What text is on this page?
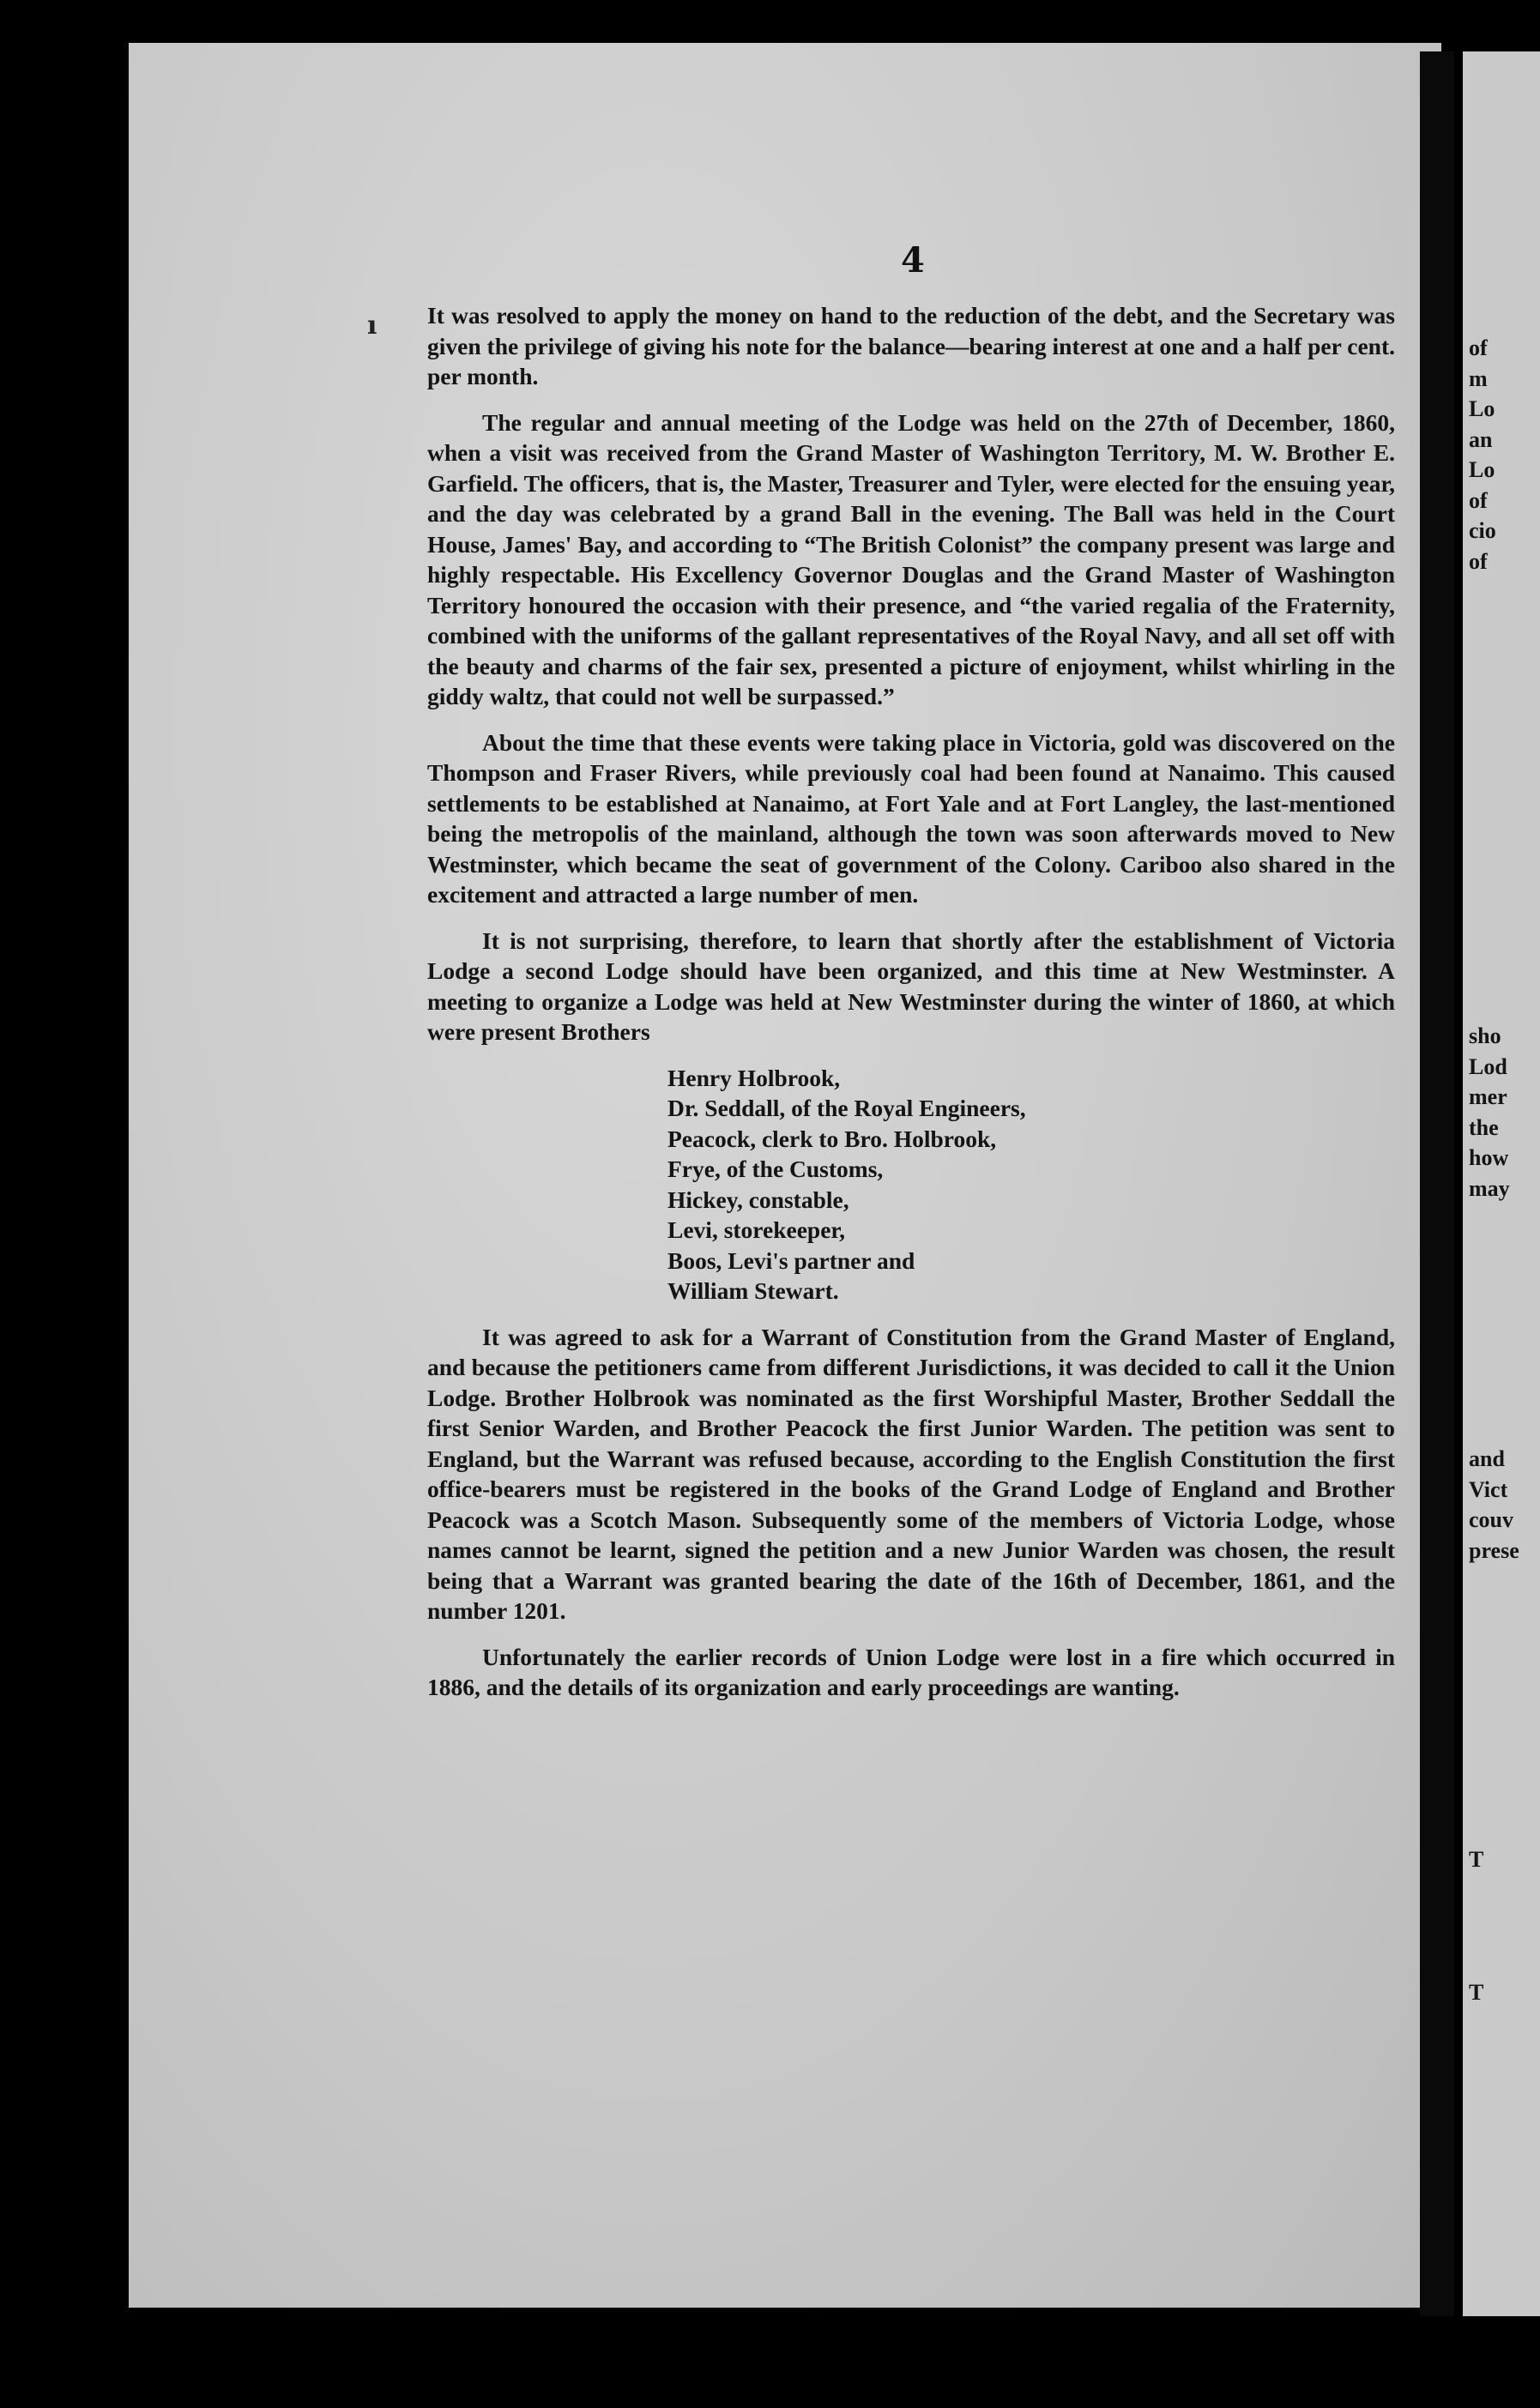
4
ı It was resolved to apply the money on hand to the reduction of the debt, and the Secretary was given the privilege of giving his note for the balance—bearing interest at one and a half per cent. per month.

The regular and annual meeting of the Lodge was held on the 27th of December, 1860, when a visit was received from the Grand Master of Washington Territory, M. W. Brother E. Garfield. The officers, that is, the Master, Treasurer and Tyler, were elected for the ensuing year, and the day was celebrated by a grand Ball in the evening. The Ball was held in the Court House, James' Bay, and according to “The British Colonist” the company present was large and highly respectable. His Excellency Governor Douglas and the Grand Master of Washington Territory honoured the occasion with their presence, and “the varied regalia of the Fraternity, combined with the uniforms of the gallant representatives of the Royal Navy, and all set off with the beauty and charms of the fair sex, presented a picture of enjoyment, whilst whirling in the giddy waltz, that could not well be surpassed.”

About the time that these events were taking place in Victoria, gold was discovered on the Thompson and Fraser Rivers, while previously coal had been found at Nanaimo. This caused settlements to be established at Nanaimo, at Fort Yale and at Fort Langley, the last-mentioned being the metropolis of the mainland, although the town was soon afterwards moved to New Westminster, which became the seat of government of the Colony. Cariboo also shared in the excitement and attracted a large number of men.

It is not surprising, therefore, to learn that shortly after the establishment of Victoria Lodge a second Lodge should have been organized, and this time at New Westminster. A meeting to organize a Lodge was held at New Westminster during the winter of 1860, at which were present Brothers

Henry Holbrook,
Dr. Seddall, of the Royal Engineers,
Peacock, clerk to Bro. Holbrook,
Frye, of the Customs,
Hickey, constable,
Levi, storekeeper,
Boos, Levi's partner and
William Stewart.

It was agreed to ask for a Warrant of Constitution from the Grand Master of England, and because the petitioners came from different Jurisdictions, it was decided to call it the Union Lodge. Brother Holbrook was nominated as the first Worshipful Master, Brother Seddall the first Senior Warden, and Brother Peacock the first Junior Warden. The petition was sent to England, but the Warrant was refused because, according to the English Constitution the first office-bearers must be registered in the books of the Grand Lodge of England and Brother Peacock was a Scotch Mason. Subsequently some of the members of Victoria Lodge, whose names cannot be learnt, signed the petition and a new Junior Warden was chosen, the result being that a Warrant was granted bearing the date of the 16th of December, 1861, and the number 1201.

Unfortunately the earlier records of Union Lodge were lost in a fire which occurred in 1886, and the details of its organization and early proceedings are wanting.

of
m
Lo
an
Lo
of
cio
of
sho
Lod
mer
the
how
may
and
Vict
couv
prese
T
T
